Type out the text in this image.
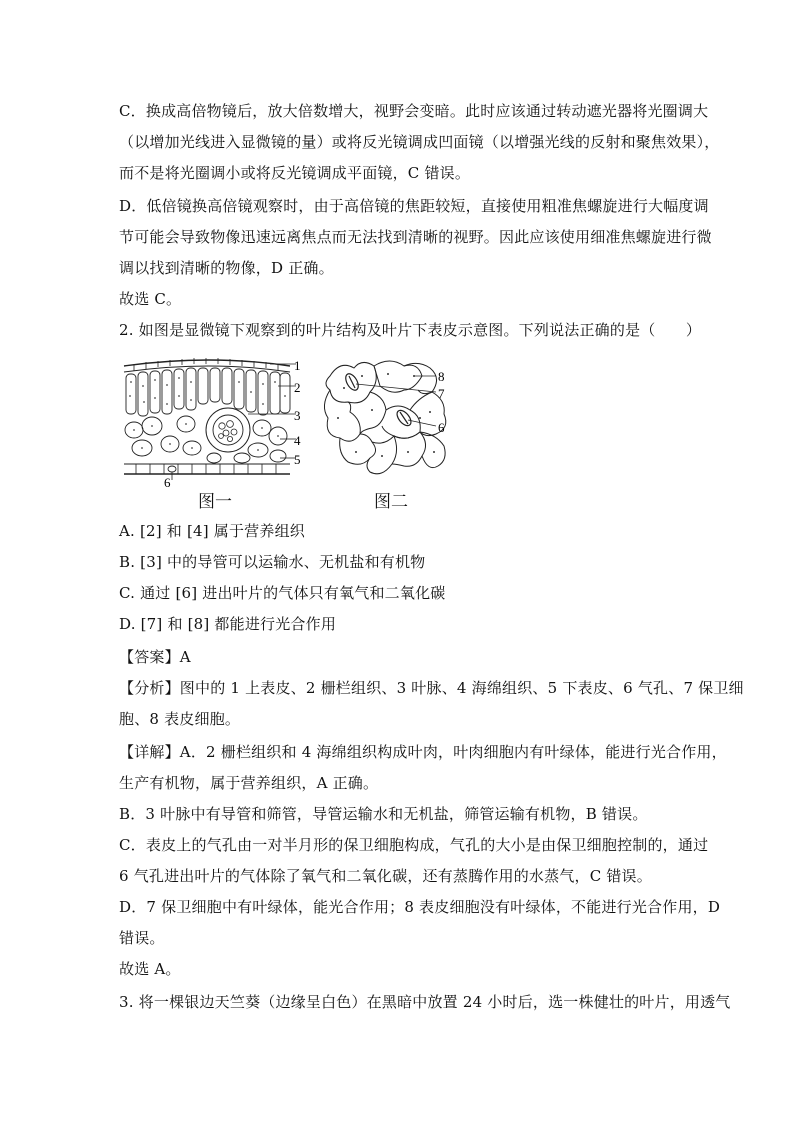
C．换成高倍物镜后，放大倍数增大，视野会变暗。此时应该通过转动遮光器将光圈调大
（以增加光线进入显微镜的量）或将反光镜调成凹面镜（以增强光线的反射和聚焦效果），
而不是将光圈调小或将反光镜调成平面镜，C 错误。
D．低倍镜换高倍镜观察时，由于高倍镜的焦距较短，直接使用粗准焦螺旋进行大幅度调
节可能会导致物像迅速远离焦点而无法找到清晰的视野。因此应该使用细准焦螺旋进行微
调以找到清晰的物像，D 正确。
故选 C。
2. 如图是显微镜下观察到的叶片结构及叶片下表皮示意图。下列说法正确的是（　　）
1
2
3
4
5
6
图一
8
7
6
图二
A. [2] 和 [4] 属于营养组织
B. [3] 中的导管可以运输水、无机盐和有机物
C. 通过 [6] 进出叶片的气体只有氧气和二氧化碳
D. [7] 和 [8] 都能进行光合作用
【答案】A
【分析】图中的 1 上表皮、2 栅栏组织、3 叶脉、4 海绵组织、5 下表皮、6 气孔、7 保卫细
胞、8 表皮细胞。
【详解】A．2 栅栏组织和 4 海绵组织构成叶肉，叶肉细胞内有叶绿体，能进行光合作用，
生产有机物，属于营养组织，A 正确。
B．3 叶脉中有导管和筛管，导管运输水和无机盐，筛管运输有机物，B 错误。
C．表皮上的气孔由一对半月形的保卫细胞构成，气孔的大小是由保卫细胞控制的，通过
6 气孔进出叶片的气体除了氧气和二氧化碳，还有蒸腾作用的水蒸气，C 错误。
D．7 保卫细胞中有叶绿体，能光合作用；8 表皮细胞没有叶绿体，不能进行光合作用，D
错误。
故选 A。
3. 将一棵银边天竺葵（边缘呈白色）在黑暗中放置 24 小时后，选一株健壮的叶片，用透气
